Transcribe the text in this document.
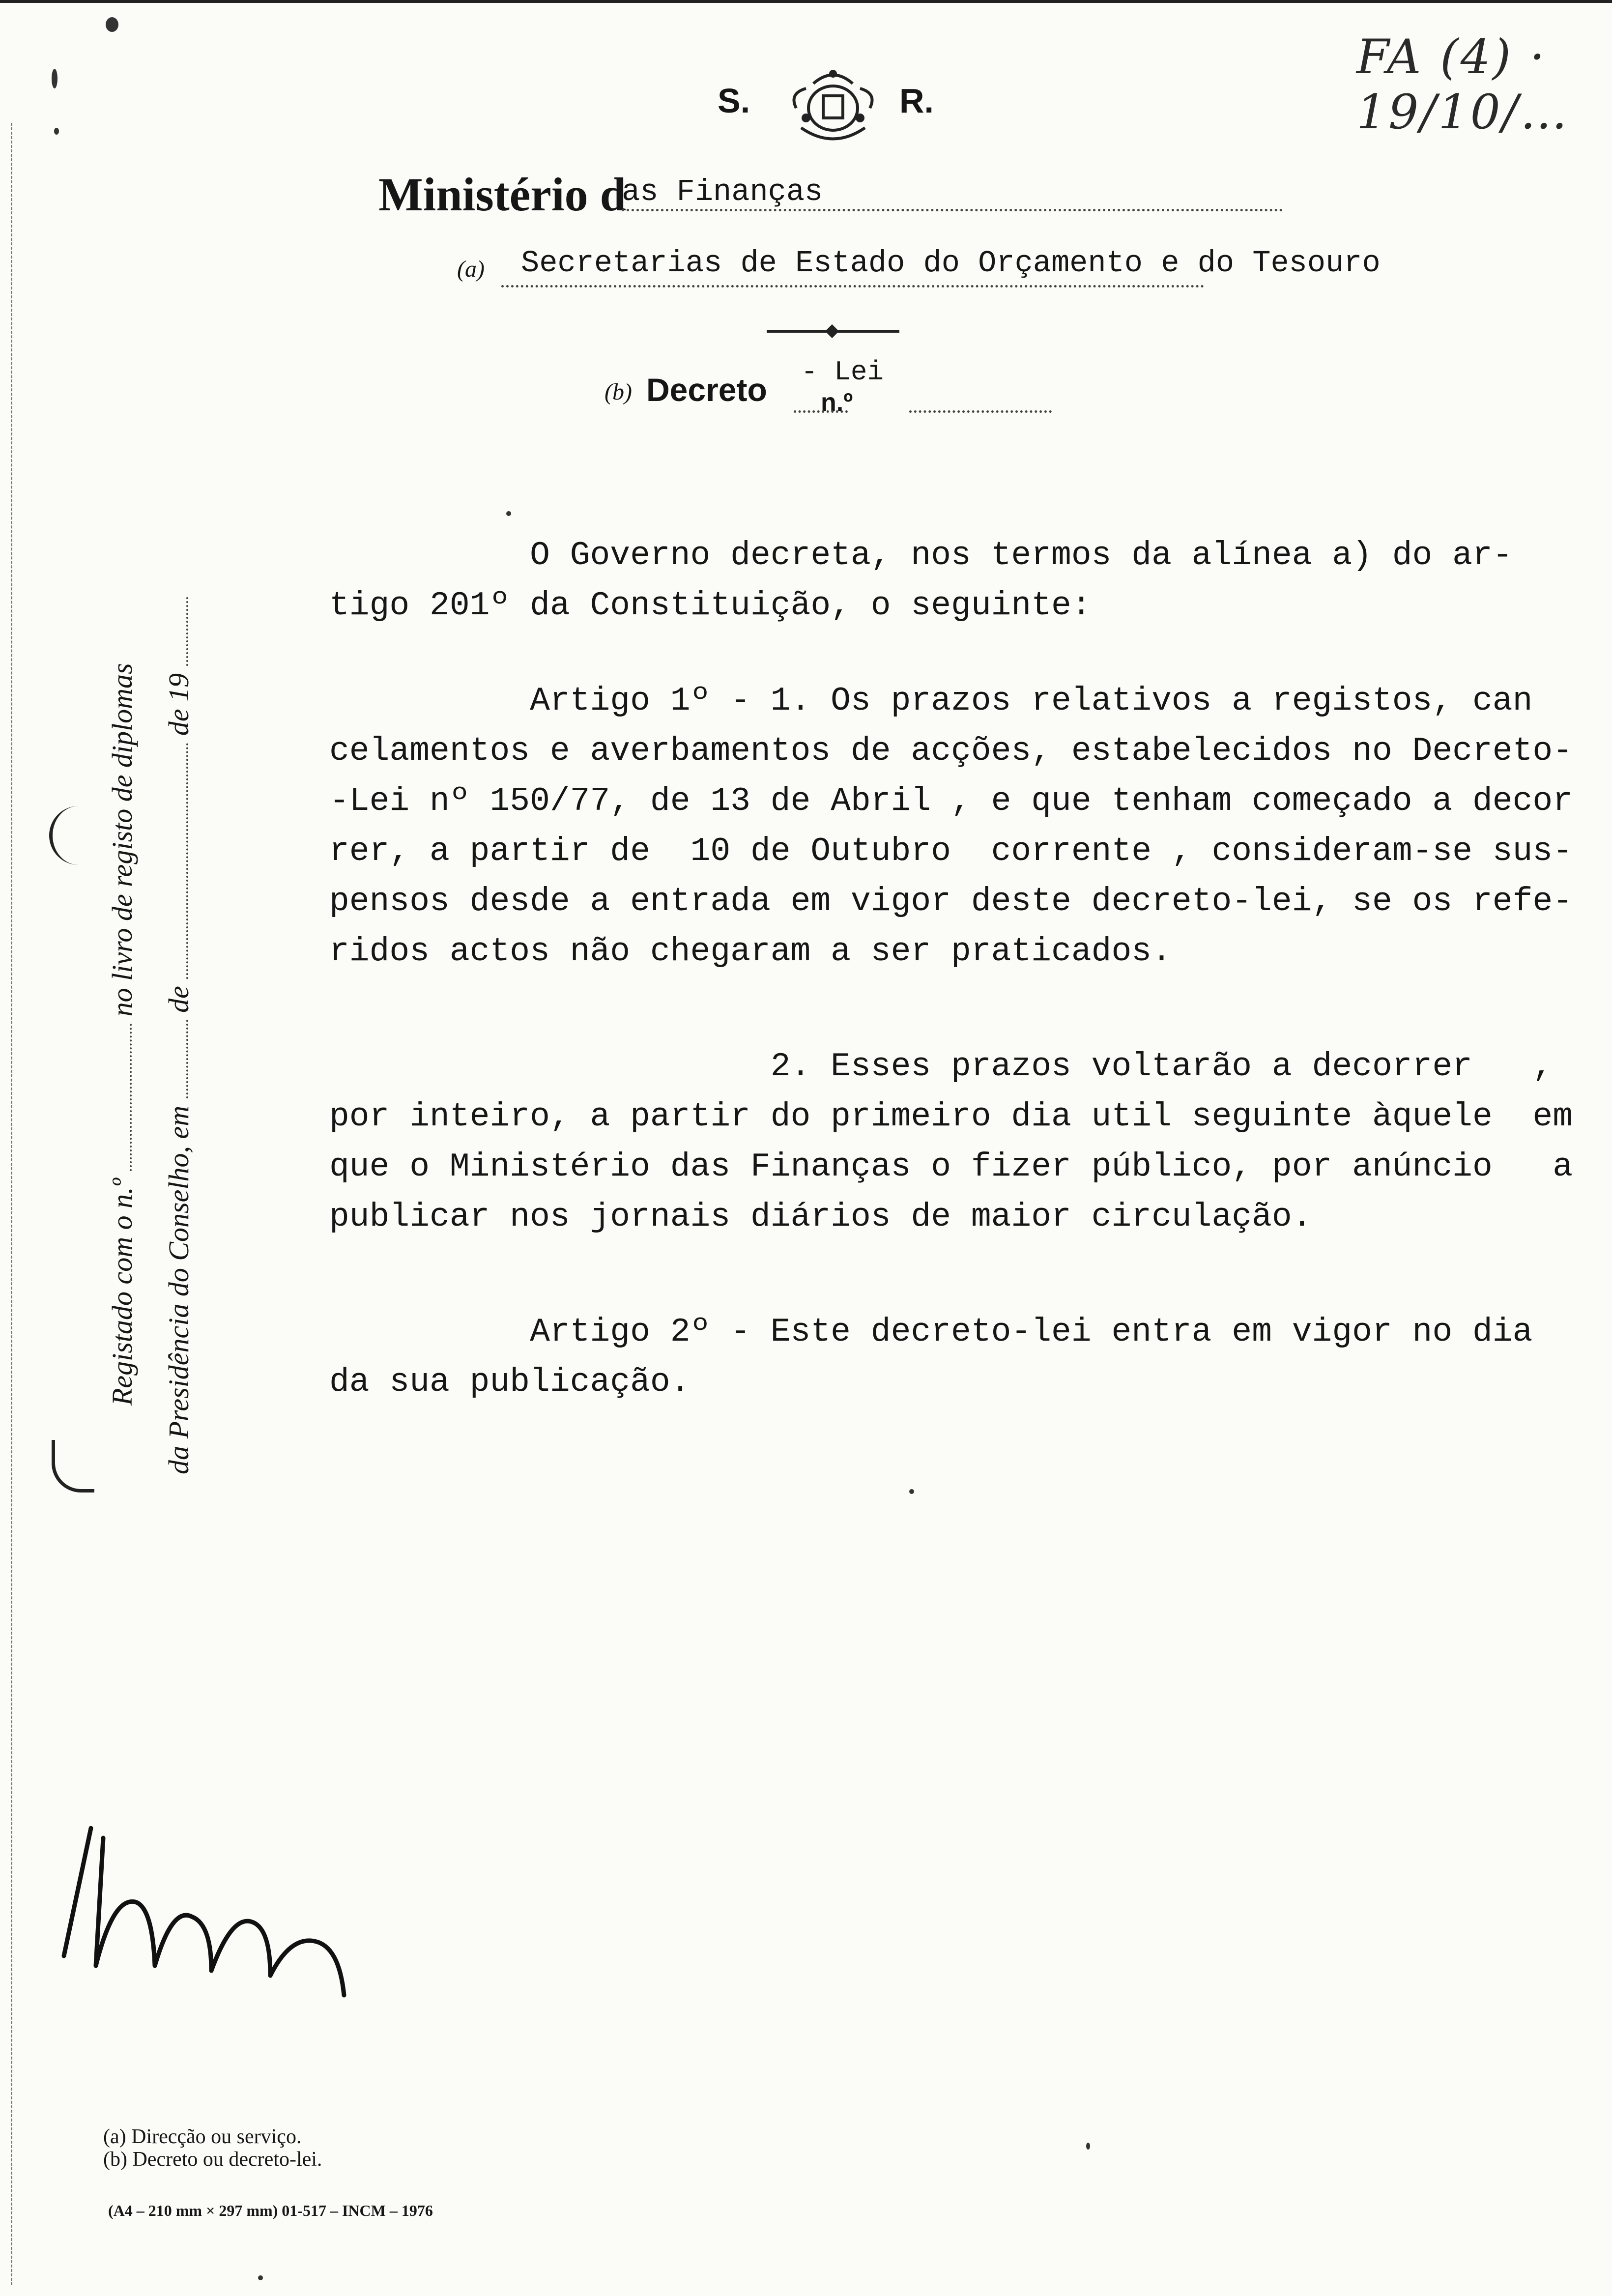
S.	R.
FA (4) · 19/10/…
Ministério d
as Finanças
(a) Secretarias de Estado do Orçamento e do Tesouro
(b) Decreto - Lei
n.º
O Governo decreta, nos termos da alínea a) do ar-
tigo 201º da Constituição, o seguinte:
Artigo 1º - 1. Os prazos relativos a registos, can
celamentos e averbamentos de acções, estabelecidos no Decreto-
-Lei nº 150/77, de 13 de Abril , e que tenham começado a decor
rer, a partir de  10 de Outubro  corrente , consideram-se sus-
pensos desde a entrada em vigor deste decreto-lei, se os refe-
ridos actos não chegaram a ser praticados.
2. Esses prazos voltarão a decorrer   ,
por inteiro, a partir do primeiro dia util seguinte àquele  em
que o Ministério das Finanças o fizer público, por anúncio   a
publicar nos jornais diários de maior circulação.
Artigo 2º - Este decreto-lei entra em vigor no dia
da sua publicação.
Registado com o n.º  no livro de registo de diplomas
da Presidência do Conselho, em  de  de 19
(a) Direcção ou serviço.
(b) Decreto ou decreto-lei.
(A4 – 210 mm × 297 mm) 01-517 – INCM – 1976
